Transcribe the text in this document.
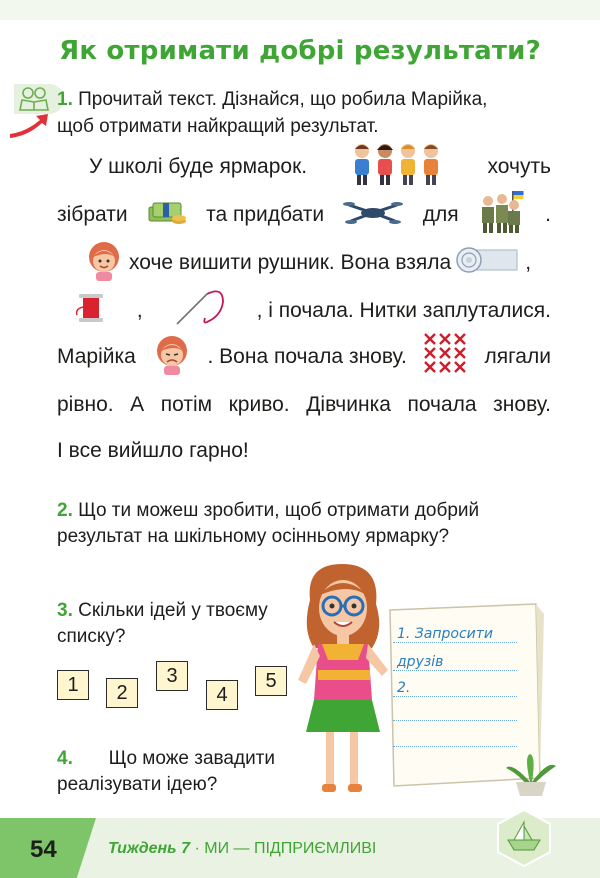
Як отримати добрі результати?
1. Прочитай текст. Дізнайся, що робила Марійка,
щоб отримати найкращий результат.
У школі буде ярмарок.	хочуть
зібрати	та придбати	для	.
хоче вишити рушник. Вона взяла	,
,	, і почала. Нитки заплуталися.
Марійка	. Вона почала знову.	лягали
рівно. А потім криво. Дівчинка почала знову.
І все вийшло гарно!
2. Що ти можеш зробити, щоб отримати добрий
результат на шкільному осінньому ярмарку?
3. Скільки ідей у твоєму
списку?
1	2
3
4
5
4. Що може завадити
реалізувати ідею?
1. Запросити
друзів
2.
54	Тиждень 7 · МИ — ПІДПРИЄМЛИВІ
